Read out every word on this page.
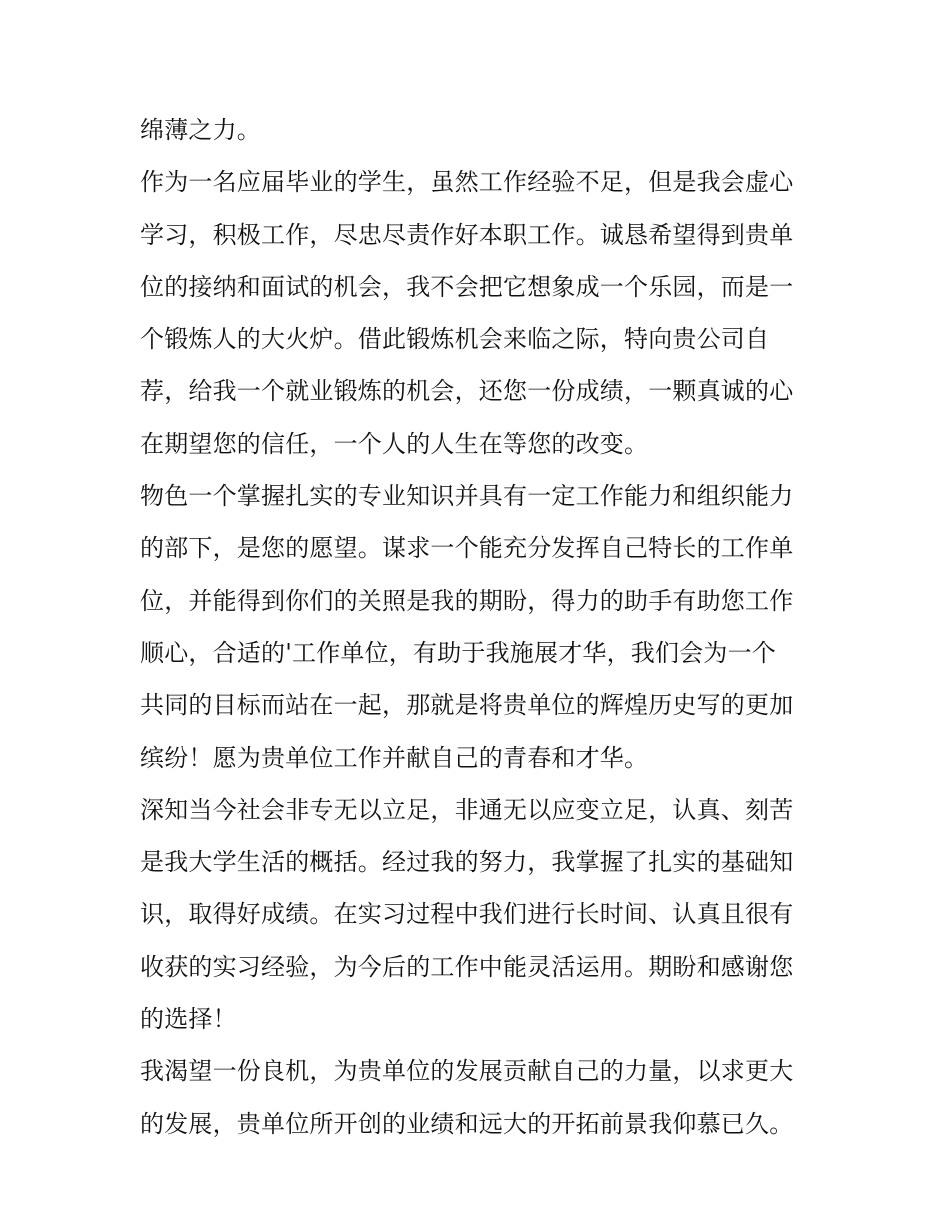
绵薄之力。
作为一名应届毕业的学生，虽然工作经验不足，但是我会虚心
学习，积极工作，尽忠尽责作好本职工作。诚恳希望得到贵单
位的接纳和面试的机会，我不会把它想象成一个乐园，而是一
个锻炼人的大火炉。借此锻炼机会来临之际，特向贵公司自
荐，给我一个就业锻炼的机会，还您一份成绩，一颗真诚的心
在期望您的信任，一个人的人生在等您的改变。
物色一个掌握扎实的专业知识并具有一定工作能力和组织能力
的部下，是您的愿望。谋求一个能充分发挥自己特长的工作单
位，并能得到你们的关照是我的期盼，得力的助手有助您工作
顺心，合适的'工作单位，有助于我施展才华，我们会为一个
共同的目标而站在一起，那就是将贵单位的辉煌历史写的更加
缤纷！愿为贵单位工作并献自己的青春和才华。
深知当今社会非专无以立足，非通无以应变立足，认真、刻苦
是我大学生活的概括。经过我的努力，我掌握了扎实的基础知
识，取得好成绩。在实习过程中我们进行长时间、认真且很有
收获的实习经验，为今后的工作中能灵活运用。期盼和感谢您
的选择！
我渴望一份良机，为贵单位的发展贡献自己的力量，以求更大
的发展，贵单位所开创的业绩和远大的开拓前景我仰慕已久。
